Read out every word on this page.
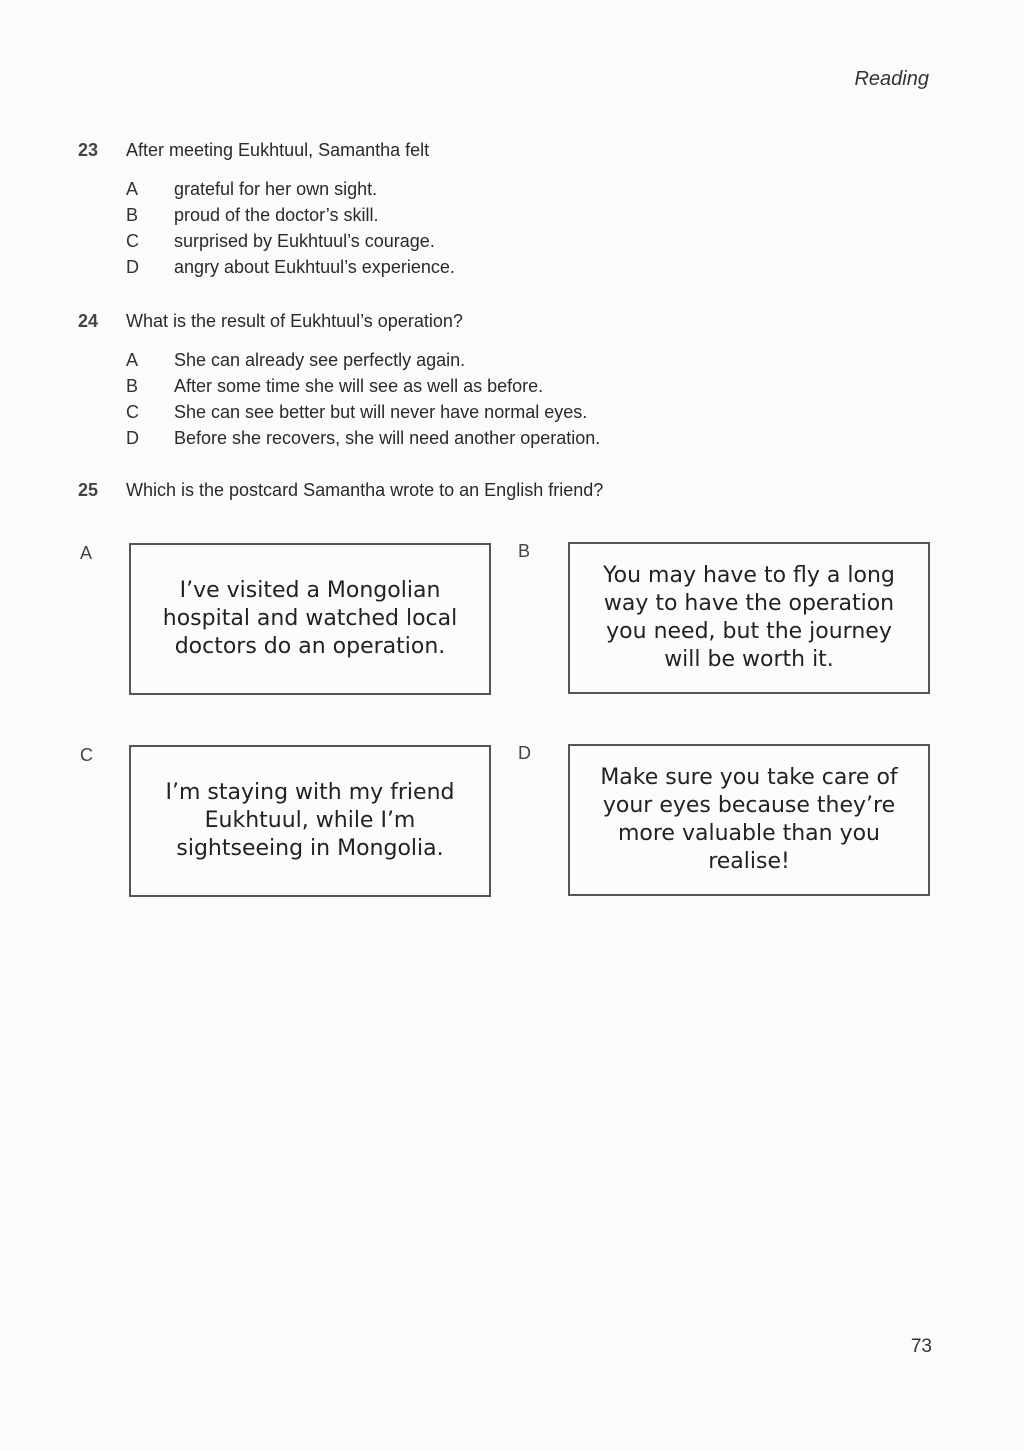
Reading
23	After meeting Eukhtuul, Samantha felt
A	grateful for her own sight.
B	proud of the doctor’s skill.
C	surprised by Eukhtuul’s courage.
D	angry about Eukhtuul’s experience.
24	What is the result of Eukhtuul’s operation?
A	She can already see perfectly again.
B	After some time she will see as well as before.
C	She can see better but will never have normal eyes.
D	Before she recovers, she will need another operation.
25	Which is the postcard Samantha wrote to an English friend?
A
I’ve visited a Mongolian hospital and watched local doctors do an operation.
B
You may have to fly a long way to have the operation you need, but the journey will be worth it.
C
I’m staying with my friend Eukhtuul, while I’m sightseeing in Mongolia.
D
Make sure you take care of your eyes because they’re more valuable than you realise!
73
